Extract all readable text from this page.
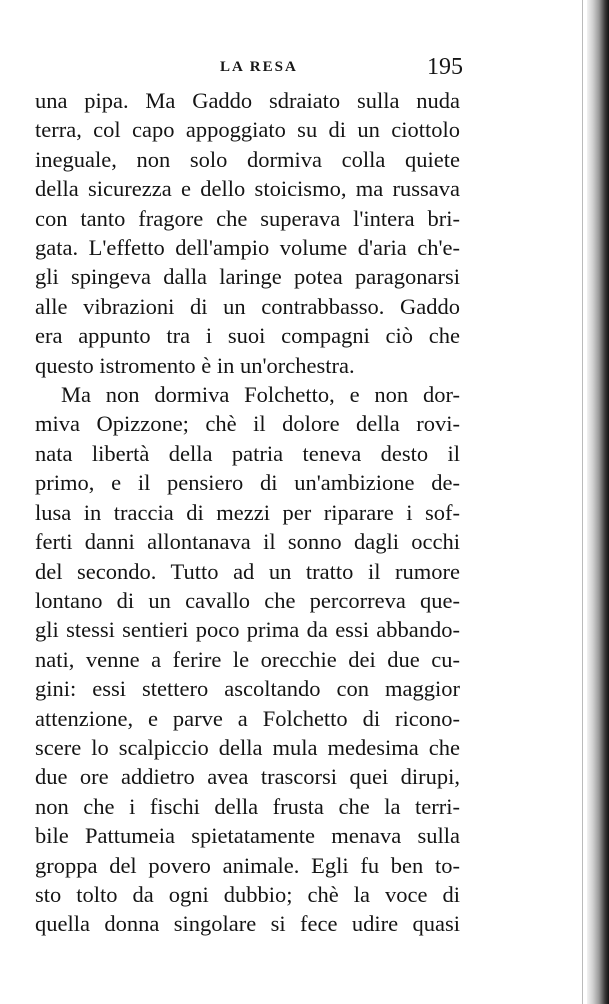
LA RESA	195
una pipa. Ma Gaddo sdraiato sulla nuda
terra, col capo appoggiato su di un ciottolo
ineguale, non solo dormiva colla quiete
della sicurezza e dello stoicismo, ma russava
con tanto fragore che superava l'intera bri-
gata. L'effetto dell'ampio volume d'aria ch'e-
gli spingeva dalla laringe potea paragonarsi
alle vibrazioni di un contrabbasso. Gaddo
era appunto tra i suoi compagni ciò che
questo istromento è in un'orchestra.
Ma non dormiva Folchetto, e non dor-
miva Opizzone; chè il dolore della rovi-
nata libertà della patria teneva desto il
primo, e il pensiero di un'ambizione de-
lusa in traccia di mezzi per riparare i sof-
ferti danni allontanava il sonno dagli occhi
del secondo. Tutto ad un tratto il rumore
lontano di un cavallo che percorreva que-
gli stessi sentieri poco prima da essi abbando-
nati, venne a ferire le orecchie dei due cu-
gini: essi stettero ascoltando con maggior
attenzione, e parve a Folchetto di ricono-
scere lo scalpiccio della mula medesima che
due ore addietro avea trascorsi quei dirupi,
non che i fischi della frusta che la terri-
bile Pattumeia spietatamente menava sulla
groppa del povero animale. Egli fu ben to-
sto tolto da ogni dubbio; chè la voce di
quella donna singolare si fece udire quasi
